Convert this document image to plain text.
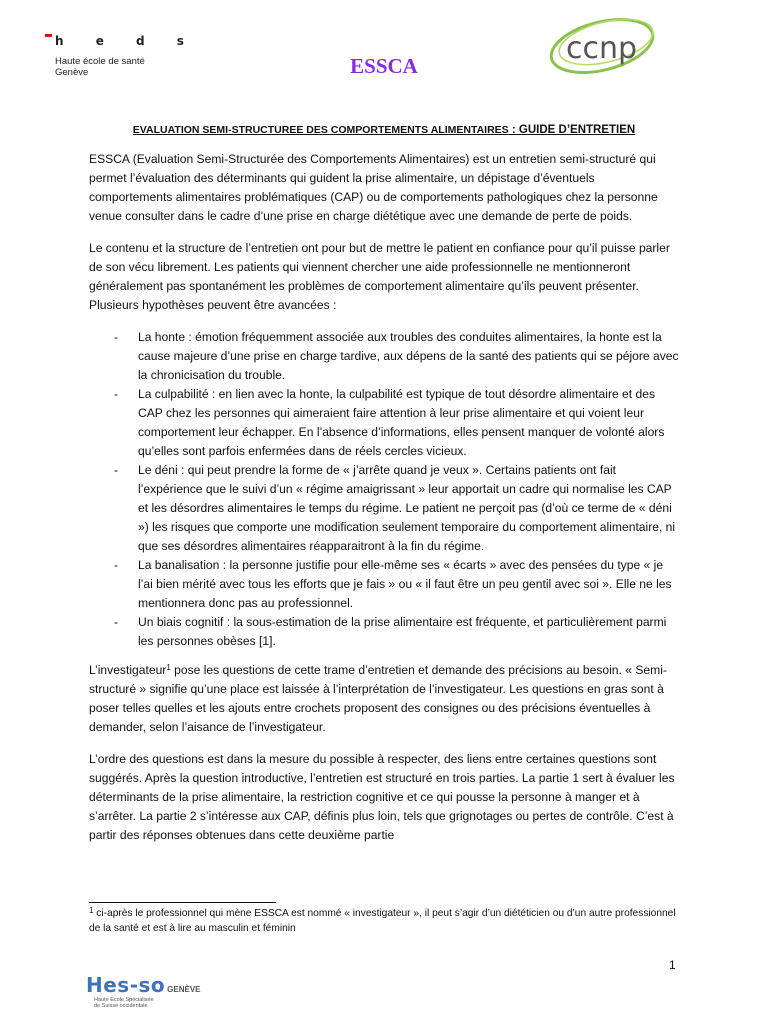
h e d s
Haute école de santé
Genève	ESSCA	ccnp
EVALUATION SEMI-STRUCTUREE DES COMPORTEMENTS ALIMENTAIRES : GUIDE D’ENTRETIEN

ESSCA (Evaluation Semi-Structurée des Comportements Alimentaires) est un entretien semi-structuré qui permet l’évaluation des déterminants qui guident la prise alimentaire, un dépistage d’éventuels comportements alimentaires problématiques (CAP) ou de comportements pathologiques chez la personne venue consulter dans le cadre d’une prise en charge diététique avec une demande de perte de poids.

Le contenu et la structure de l’entretien ont pour but de mettre le patient en confiance pour qu’il puisse parler de son vécu librement. Les patients qui viennent chercher une aide professionnelle ne mentionneront généralement pas spontanément les problèmes de comportement alimentaire qu’ils peuvent présenter. Plusieurs hypothèses peuvent être avancées :

- La honte : émotion fréquemment associée aux troubles des conduites alimentaires, la honte est la cause majeure d’une prise en charge tardive, aux dépens de la santé des patients qui se péjore avec la chronicisation du trouble.
- La culpabilité : en lien avec la honte, la culpabilité est typique de tout désordre alimentaire et des CAP chez les personnes qui aimeraient faire attention à leur prise alimentaire et qui voient leur comportement leur échapper. En l’absence d’informations, elles pensent manquer de volonté alors qu’elles sont parfois enfermées dans de réels cercles vicieux.
- Le déni : qui peut prendre la forme de « j’arrête quand je veux ». Certains patients ont fait l’expérience que le suivi d’un « régime amaigrissant » leur apportait un cadre qui normalise les CAP et les désordres alimentaires le temps du régime. Le patient ne perçoit pas (d’où ce terme de « déni ») les risques que comporte une modification seulement temporaire du comportement alimentaire, ni que ses désordres alimentaires réapparaitront à la fin du régime.
- La banalisation : la personne justifie pour elle-même ses « écarts » avec des pensées du type « je l’ai bien mérité avec tous les efforts que je fais » ou « il faut être un peu gentil avec soi ». Elle ne les mentionnera donc pas au professionnel.
- Un biais cognitif : la sous-estimation de la prise alimentaire est fréquente, et particulièrement parmi les personnes obèses [1].

L’investigateur$^1$ pose les questions de cette trame d’entretien et demande des précisions au besoin. « Semi-structuré » signifie qu’une place est laissée à l’interprétation de l’investigateur. Les questions en gras sont à poser telles quelles et les ajouts entre crochets proposent des consignes ou des précisions éventuelles à demander, selon l’aisance de l’investigateur.

L’ordre des questions est dans la mesure du possible à respecter, des liens entre certaines questions sont suggérés. Après la question introductive, l’entretien est structuré en trois parties. La partie 1 sert à évaluer les déterminants de la prise alimentaire, la restriction cognitive et ce qui pousse la personne à manger et à s’arrêter. La partie 2 s’intéresse aux CAP, définis plus loin, tels que grignotages ou pertes de contrôle. C’est à partir des réponses obtenues dans cette deuxième partie

$^1$ ci-après le professionnel qui mène ESSCA est nommé « investigateur », il peut s’agir d’un diététicien ou d’un autre professionnel de la santé et est à lire au masculin et féminin
1
Hes-so GENÈVE
Haute Ecole Spécialisée
de Suisse occidentale
